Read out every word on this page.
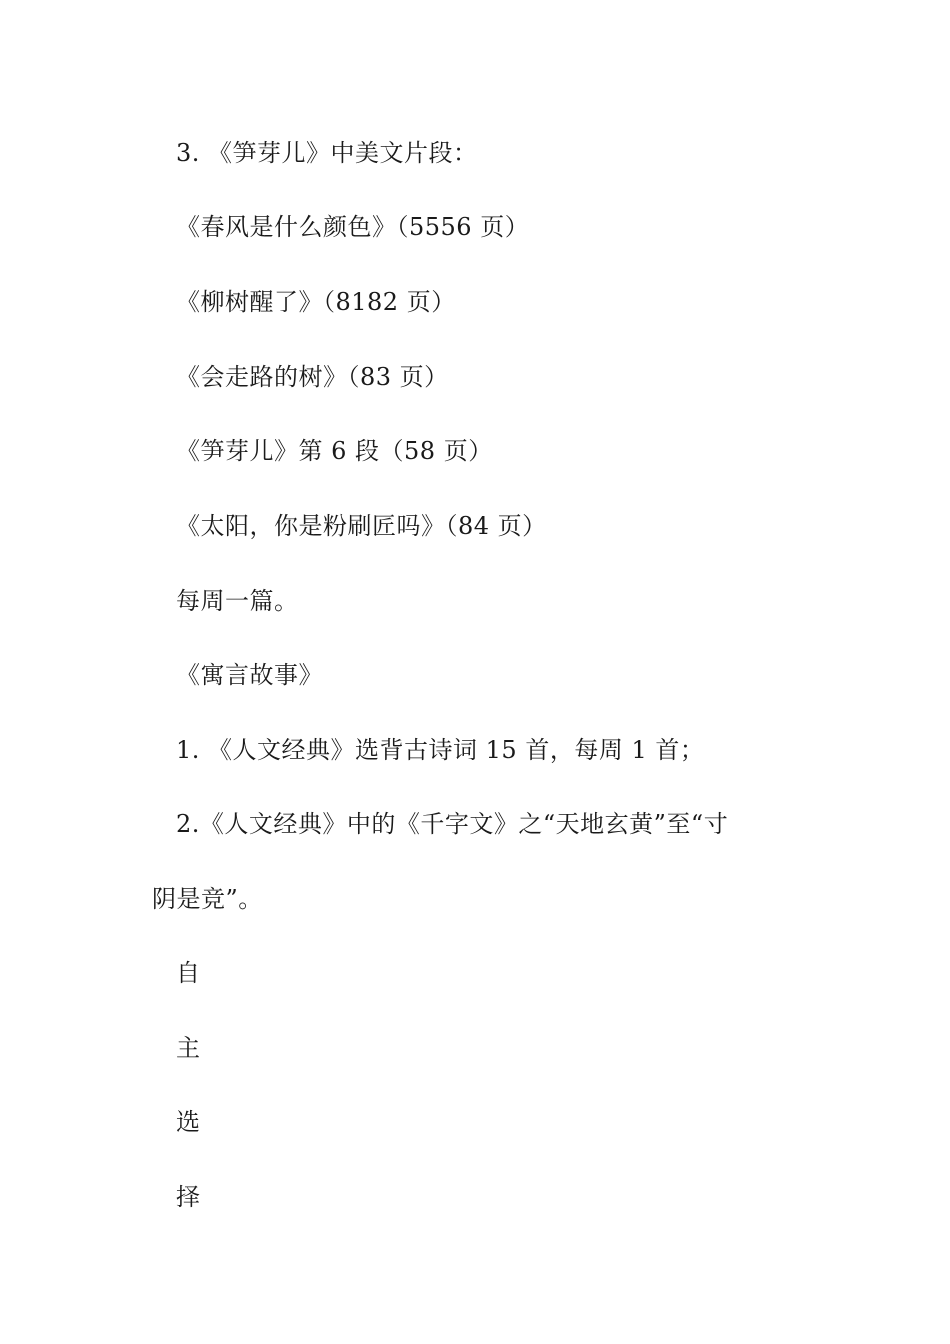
3. 《笋芽儿》中美文片段：
《春风是什么颜色》（5556 页）
《柳树醒了》（8182 页）
《会走路的树》（83 页）
《笋芽儿》第 6 段（58 页）
《太阳，你是粉刷匠吗》（84 页）
每周一篇。
《寓言故事》
1. 《人文经典》选背古诗词 15 首，每周 1 首；
2.《人文经典》中的《千字文》之“天地玄黄”至“寸
阴是竞”。
自
主
选
择
